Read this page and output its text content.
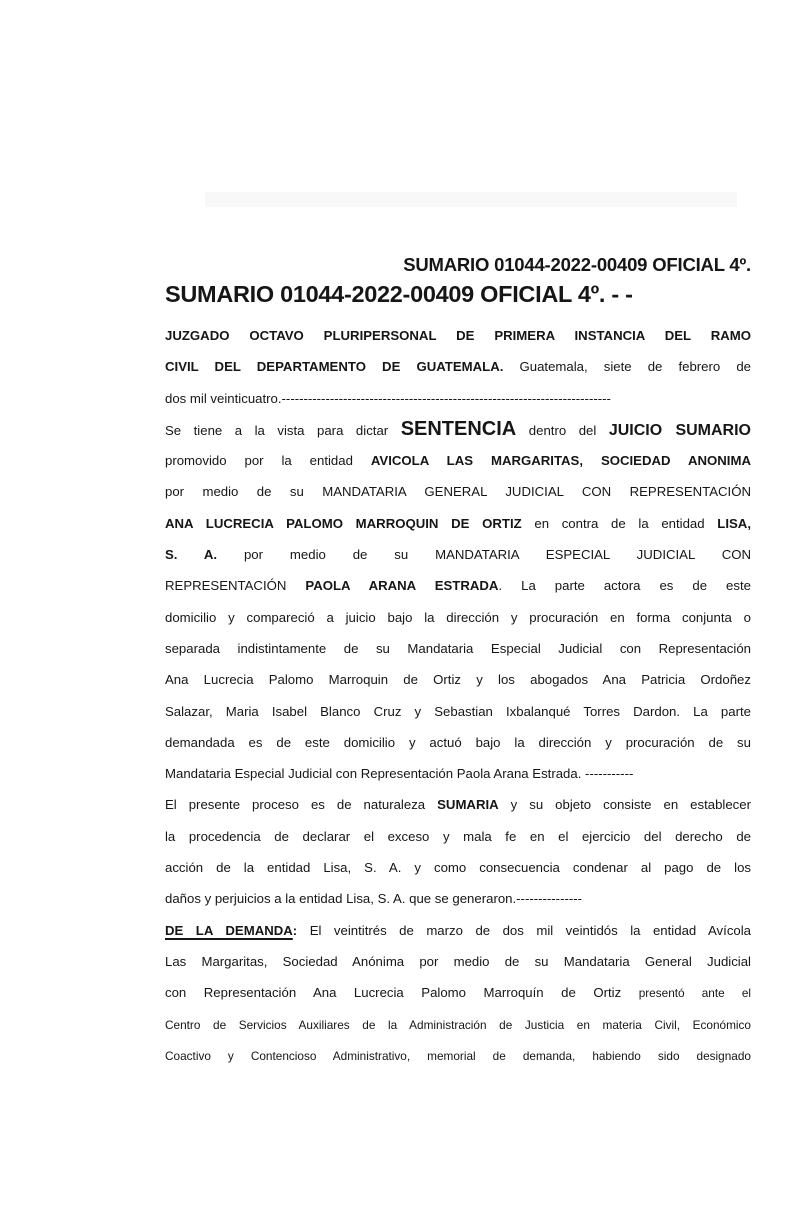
SUMARIO 01044-2022-00409 OFICIAL 4º.
SUMARIO 01044-2022-00409 OFICIAL 4º. - -
JUZGADO OCTAVO PLURIPERSONAL DE PRIMERA INSTANCIA DEL RAMO
CIVIL DEL DEPARTAMENTO DE GUATEMALA. Guatemala, siete de febrero de
dos mil veinticuatro.---------------------------------------------------------------------------
Se tiene a la vista para dictar SENTENCIA dentro del JUICIO SUMARIO
promovido por la entidad AVICOLA LAS MARGARITAS, SOCIEDAD ANONIMA
por medio de su MANDATARIA GENERAL JUDICIAL CON REPRESENTACIÓN
ANA LUCRECIA PALOMO MARROQUIN DE ORTIZ en contra de la entidad LISA,
S. A. por medio de su MANDATARIA ESPECIAL JUDICIAL CON
REPRESENTACIÓN PAOLA ARANA ESTRADA. La parte actora es de este
domicilio y compareció a juicio bajo la dirección y procuración en forma conjunta o
separada indistintamente de su Mandataria Especial Judicial con Representación
Ana Lucrecia Palomo Marroquin de Ortiz y los abogados Ana Patricia Ordoñez
Salazar, Maria Isabel Blanco Cruz y Sebastian Ixbalanqué Torres Dardon. La parte
demandada es de este domicilio y actuó bajo la dirección y procuración de su
Mandataria Especial Judicial con Representación Paola Arana Estrada. -----------
El presente proceso es de naturaleza SUMARIA y su objeto consiste en establecer
la procedencia de declarar el exceso y mala fe en el ejercicio del derecho de
acción de la entidad Lisa, S. A. y como consecuencia condenar al pago de los
daños y perjuicios a la entidad Lisa, S. A. que se generaron.---------------
DE LA DEMANDA: El veintitrés de marzo de dos mil veintidós la entidad Avícola
Las Margaritas, Sociedad Anónima por medio de su Mandataria General Judicial
con Representación Ana Lucrecia Palomo Marroquín de Ortiz presentó ante el
Centro de Servicios Auxiliares de la Administración de Justicia en materia Civil, Económico
Coactivo y Contencioso Administrativo, memorial de demanda, habiendo sido designado
